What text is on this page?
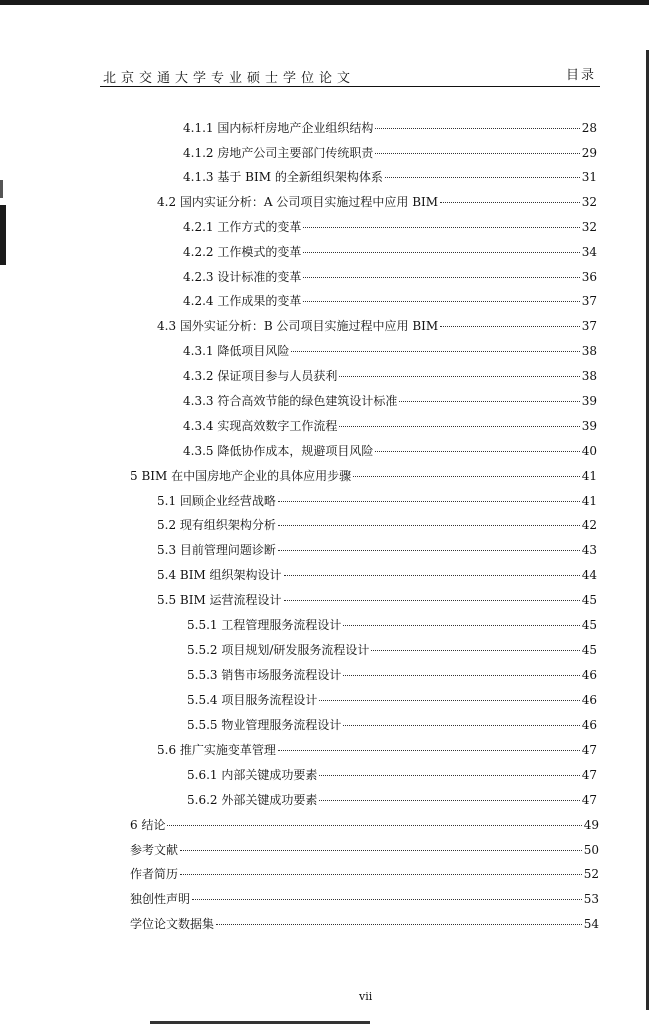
北京交通大学专业硕士学位论文	目录
4.1.1 国内标杆房地产企业组织结构	28
4.1.2 房地产公司主要部门传统职责	29
4.1.3 基于 BIM 的全新组织架构体系	31
4.2 国内实证分析：A 公司项目实施过程中应用 BIM	32
4.2.1 工作方式的变革	32
4.2.2 工作模式的变革	34
4.2.3 设计标准的变革	36
4.2.4 工作成果的变革	37
4.3 国外实证分析：B 公司项目实施过程中应用 BIM	37
4.3.1 降低项目风险	38
4.3.2 保证项目参与人员获利	38
4.3.3 符合高效节能的绿色建筑设计标准	39
4.3.4 实现高效数字工作流程	39
4.3.5 降低协作成本，规避项目风险	40
5 BIM 在中国房地产企业的具体应用步骤	41
5.1 回顾企业经营战略	41
5.2 现有组织架构分析	42
5.3 目前管理问题诊断	43
5.4 BIM 组织架构设计	44
5.5 BIM 运营流程设计	45
5.5.1 工程管理服务流程设计	45
5.5.2 项目规划/研发服务流程设计	45
5.5.3 销售市场服务流程设计	46
5.5.4 项目服务流程设计	46
5.5.5 物业管理服务流程设计	46
5.6 推广实施变革管理	47
5.6.1 内部关键成功要素	47
5.6.2 外部关键成功要素	47
6 结论	49
参考文献	50
作者简历	52
独创性声明	53
学位论文数据集	54
vii
